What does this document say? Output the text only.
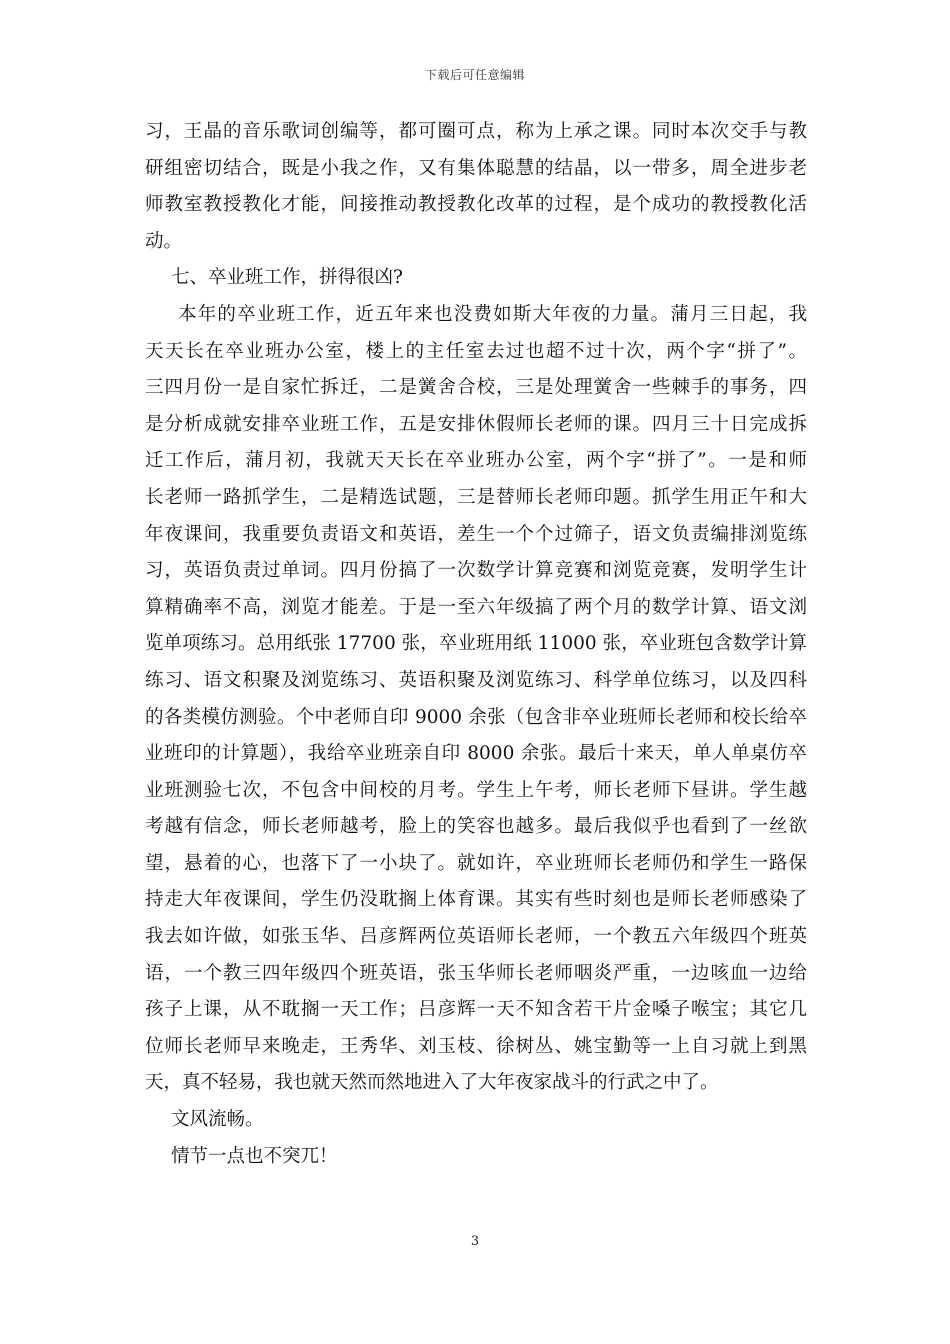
下载后可任意编辑
习，王晶的音乐歌词创编等，都可圈可点，称为上承之课。同时本次交手与教
研组密切结合，既是小我之作，又有集体聪慧的结晶，以一带多，周全进步老
师教室教授教化才能，间接推动教授教化改革的过程，是个成功的教授教化活
动。
七、卒业班工作，拼得很凶?
本年的卒业班工作，近五年来也没费如斯大年夜的力量。蒲月三日起，我
天天长在卒业班办公室，楼上的主任室去过也超不过十次，两个字“拼了”。
三四月份一是自家忙拆迁，二是黉舍合校，三是处理黉舍一些棘手的事务，四
是分析成就安排卒业班工作，五是安排休假师长老师的课。四月三十日完成拆
迁工作后，蒲月初，我就天天长在卒业班办公室，两个字“拼了”。一是和师
长老师一路抓学生，二是精选试题，三是替师长老师印题。抓学生用正午和大
年夜课间，我重要负责语文和英语，差生一个个过筛子，语文负责编排浏览练
习，英语负责过单词。四月份搞了一次数学计算竞赛和浏览竞赛，发明学生计
算精确率不高，浏览才能差。于是一至六年级搞了两个月的数学计算、语文浏
览单项练习。总用纸张 17700 张，卒业班用纸 11000 张，卒业班包含数学计算
练习、语文积聚及浏览练习、英语积聚及浏览练习、科学单位练习，以及四科
的各类模仿测验。个中老师自印 9000 余张（包含非卒业班师长老师和校长给卒
业班印的计算题），我给卒业班亲自印 8000 余张。最后十来天，单人单桌仿卒
业班测验七次，不包含中间校的月考。学生上午考，师长老师下昼讲。学生越
考越有信念，师长老师越考，脸上的笑容也越多。最后我似乎也看到了一丝欲
望，悬着的心，也落下了一小块了。就如许，卒业班师长老师仍和学生一路保
持走大年夜课间，学生仍没耽搁上体育课。其实有些时刻也是师长老师感染了
我去如许做，如张玉华、吕彦辉两位英语师长老师，一个教五六年级四个班英
语，一个教三四年级四个班英语，张玉华师长老师咽炎严重，一边咳血一边给
孩子上课，从不耽搁一天工作；吕彦辉一天不知含若干片金嗓子喉宝；其它几
位师长老师早来晚走，王秀华、刘玉枝、徐树丛、姚宝勤等一上自习就上到黑
天，真不轻易，我也就天然而然地进入了大年夜家战斗的行武之中了。
文风流畅。
情节一点也不突兀！
3
